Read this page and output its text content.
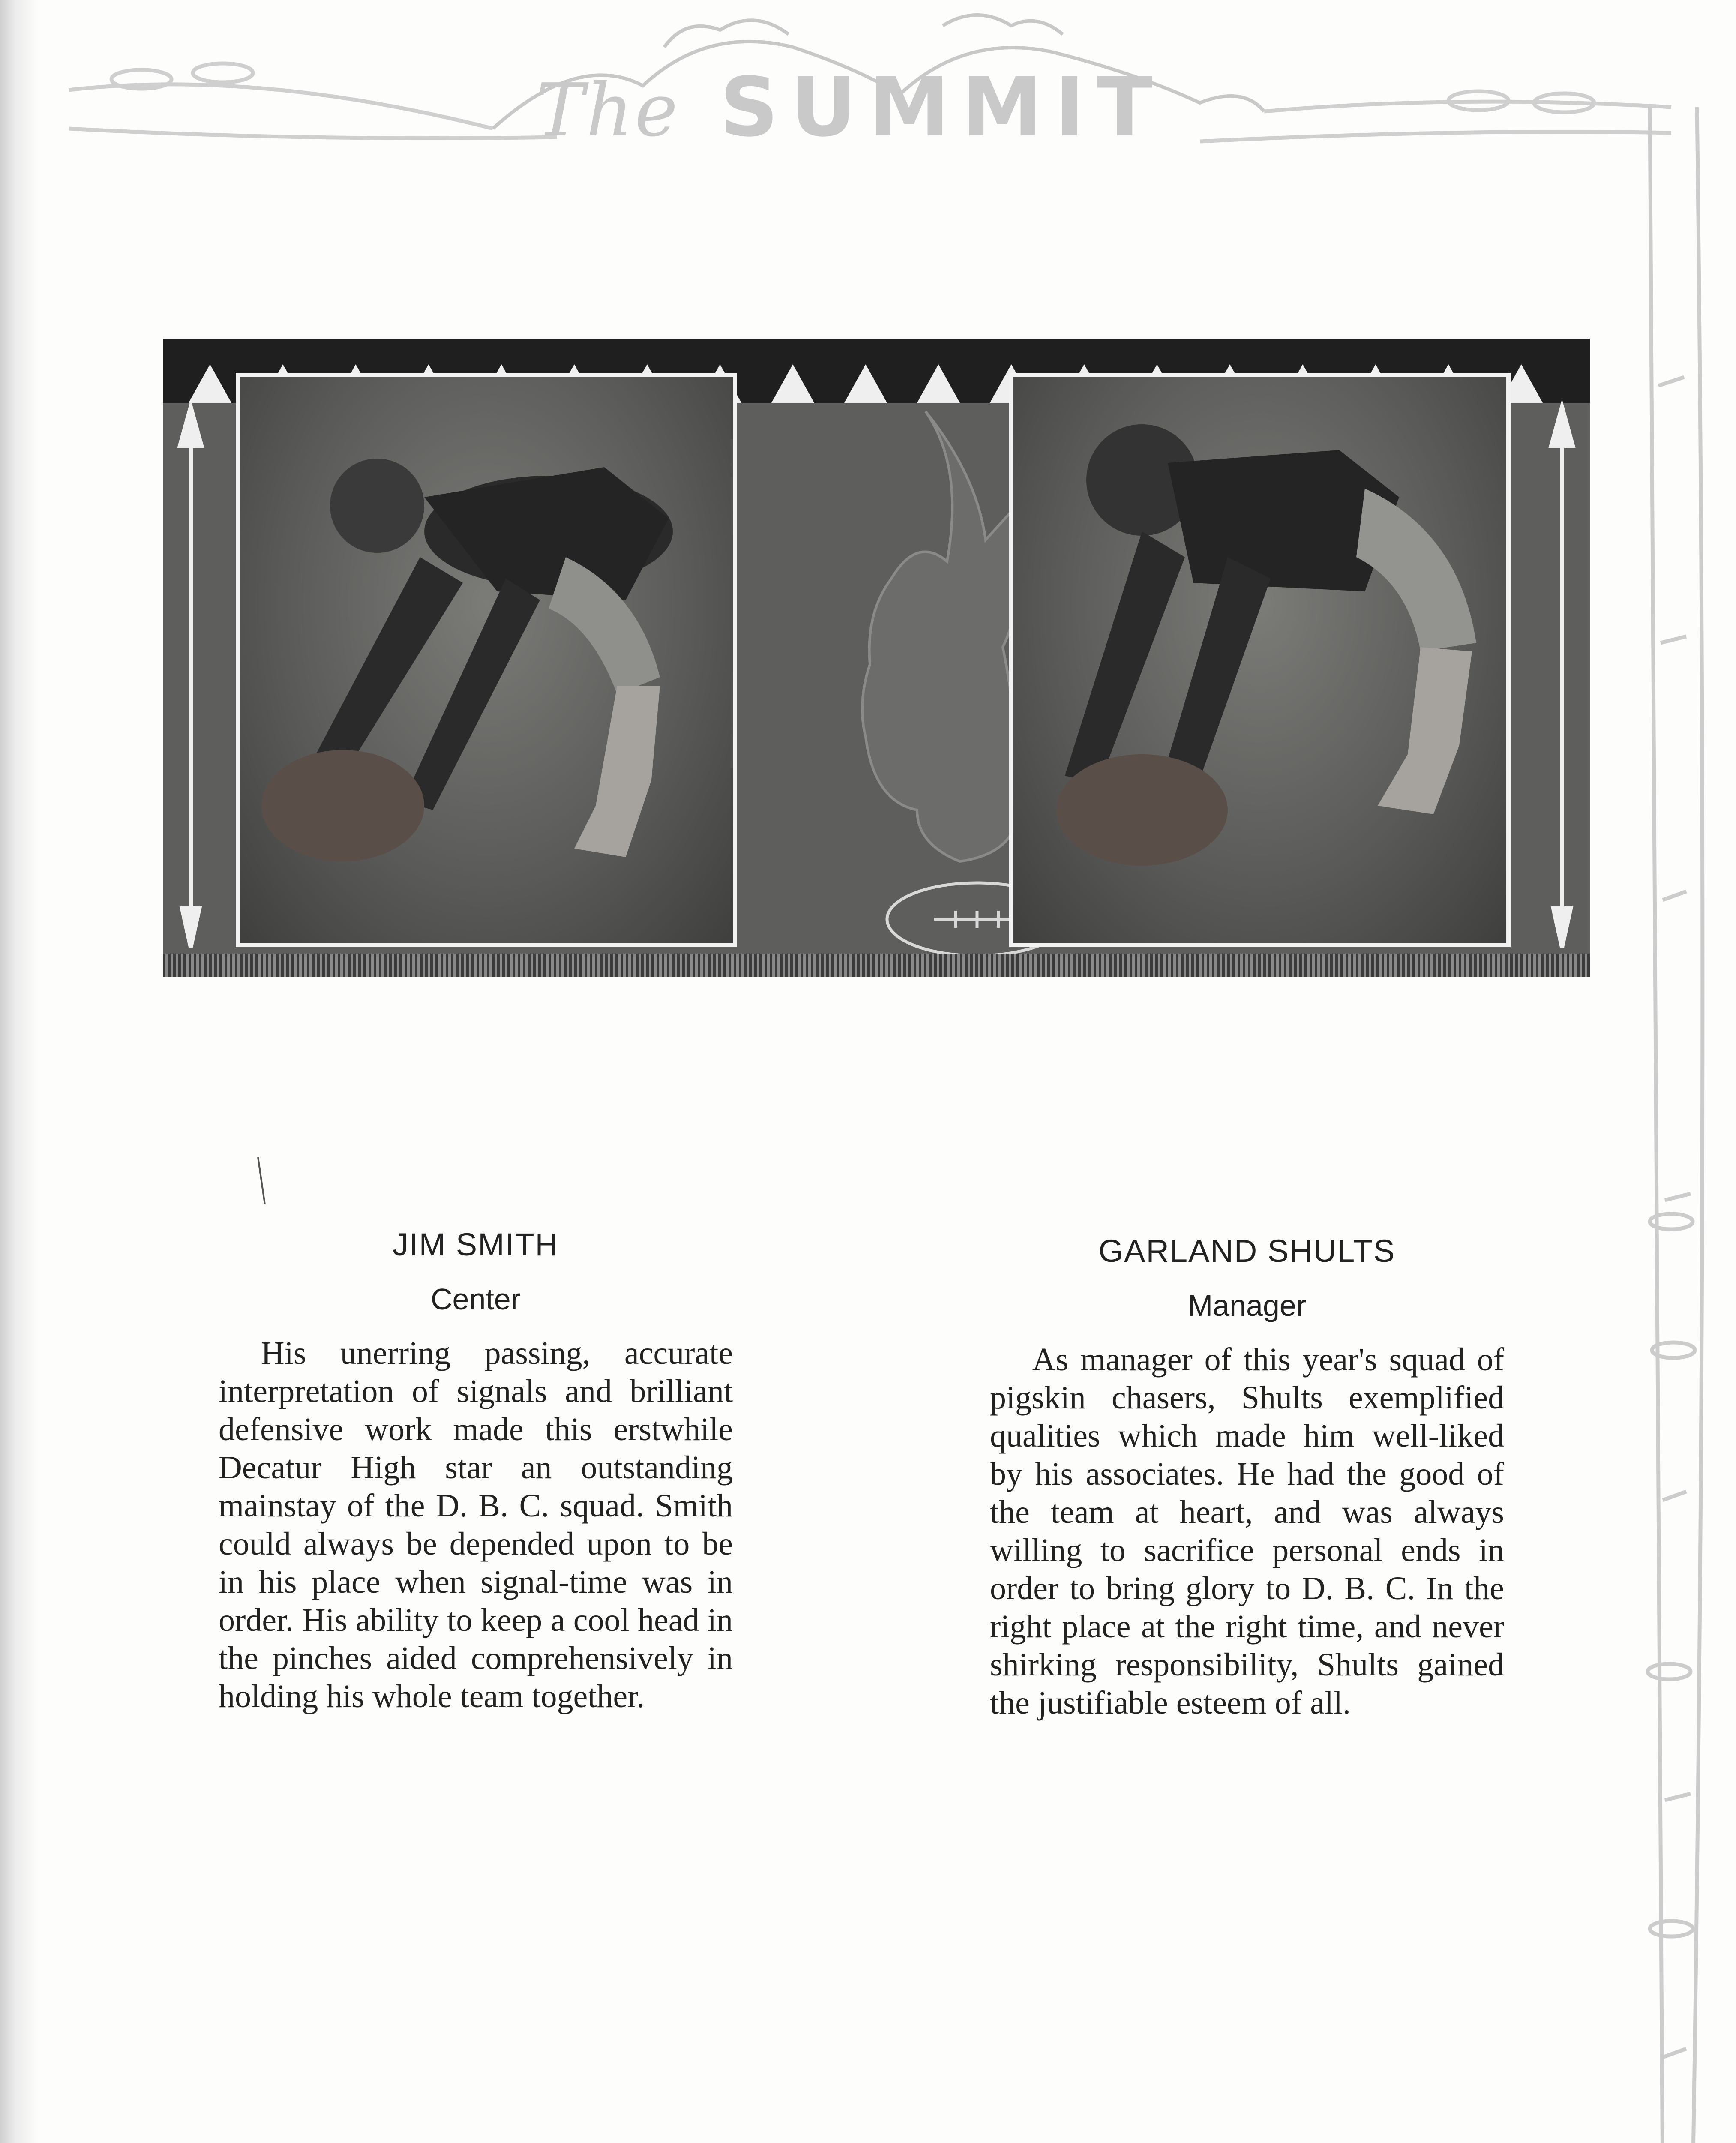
The SUMMIT

JIM SMITH

Center

His unerring passing, accurate interpretation of signals and brilliant defensive work made this erstwhile Decatur High star an outstanding mainstay of the D. B. C. squad. Smith could always be depended upon to be in his place when signal-time was in order. His ability to keep a cool head in the pinches aided comprehensively in holding his whole team together.

GARLAND SHULTS

Manager

As manager of this year's squad of pigskin chasers, Shults exemplified qualities which made him well-liked by his associates. He had the good of the team at heart, and was always willing to sacrifice personal ends in order to bring glory to D. B. C. In the right place at the right time, and never shirking responsibility, Shults gained the justifiable esteem of all.
